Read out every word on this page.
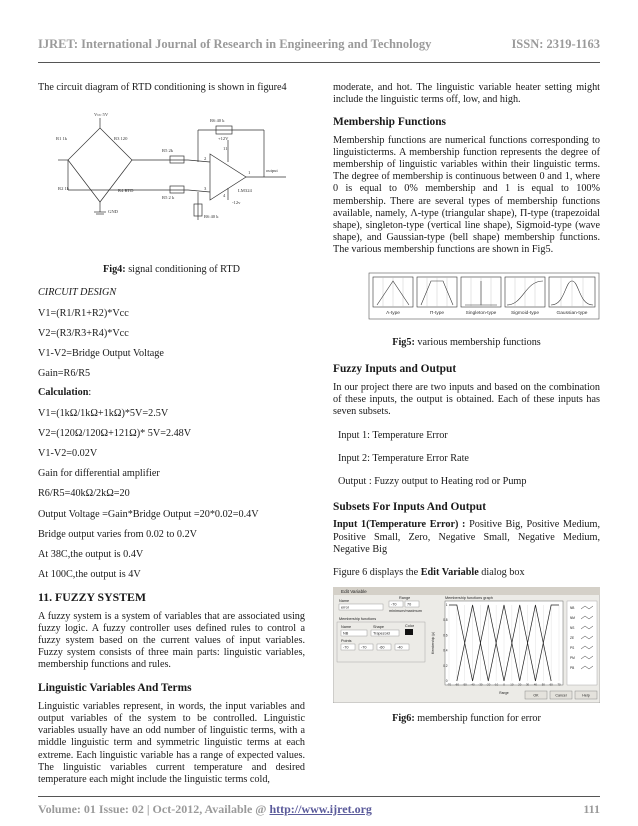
IJRET: International Journal of Research in Engineering and Technology	ISSN: 2319-1163
The circuit diagram of RTD conditioning is shown in figure4
Vcc 5V
R1 1k	R3 120
R2 1k	R4 RTD
GND
R5 2k
R5 2 k
R6 40 k
R6 40 k
+12V
-12v
LM324
output
11
2
3
4
1
Fig4: signal conditioning of RTD
CIRCUIT DESIGN
V1=(R1/R1+R2)*Vcc
V2=(R3/R3+R4)*Vcc
V1-V2=Bridge Output Voltage
Gain=R6/R5
Calculation:
V1=(1kΩ/1kΩ+1kΩ)*5V=2.5V
V2=(120Ω/120Ω+121Ω)* 5V=2.48V
V1-V2=0.02V
Gain for differential amplifier
R6/R5=40kΩ/2kΩ=20
Output Voltage =Gain*Bridge Output =20*0.02=0.4V
Bridge output varies from 0.02 to 0.2V
At 38C,the output is 0.4V
At 100C,the output is 4V
11. FUZZY SYSTEM
A fuzzy system is a system of variables that are associated using fuzzy logic. A fuzzy controller uses defined rules to control a fuzzy system based on the current values of input variables. Fuzzy system consists of three main parts: linguistic variables, membership functions and rules.
Linguistic Variables And Terms
Linguistic variables represent, in words, the input variables and output variables of the system to be controlled. Linguistic variables usually have an odd number of linguistic terms, with a middle linguistic term and symmetric linguistic terms at each extreme. Each linguistic variable has a range of expected values. The linguistic variables current temperature and desired temperature each might include the linguistic terms cold,
moderate, and hot. The linguistic variable heater setting might include the linguistic terms off, low, and high.
Membership Functions
Membership functions are numerical functions corresponding to linguisticterms. A membership function represents the degree of membership of linguistic variables within their linguistic terms. The degree of membership is continuous between 0 and 1, where 0 is equal to 0% membership and 1 is equal to 100% membership. There are several types of membership functions available, namely, Λ-type (triangular shape), Π-type (trapezoidal shape), singleton-type (vertical line shape), Sigmoid-type (wave shape), and Gaussian-type (bell shape) membership functions. The various membership functions are shown in Fig5.
Λ-type	Π-type	Singleton-type	Sigmoid-type	Gaussian-type
Fig5: various membership functions
Fuzzy Inputs and Output
In our project there are two inputs and based on the combination of these inputs, the output is obtained. Each of these inputs has seven subsets.
Input 1: Temperature Error
Input 2: Temperature Error Rate
Output : Fuzzy output to Heating rod or Pump
Subsets For Inputs And Output
Input 1(Temperature Error) : Positive Big, Positive Medium, Positive Small, Zero, Negative Small, Negative Medium, Negative Big
Figure 6 displays the Edit Variable dialog box
Edit Variable
Name
error
Range
-70	70
minimum/maximum
Membership functions
Name
NB
Shape
Trapezoid
Color
Points
-70	-70	-60	-40
Membership functions graph
1
0.8
0.6
0.4
0.2
0
-70 -60 -50 -40 -30 -20 -10 0 10 20 30 40 50 60 70
Membership (µ)
Range
NB
NM
NS
ZE
PS
PM
PB
OK	Cancel	Help
Fig6: membership function for error
Volume: 01 Issue: 02 | Oct-2012, Available @ http://www.ijret.org	111
